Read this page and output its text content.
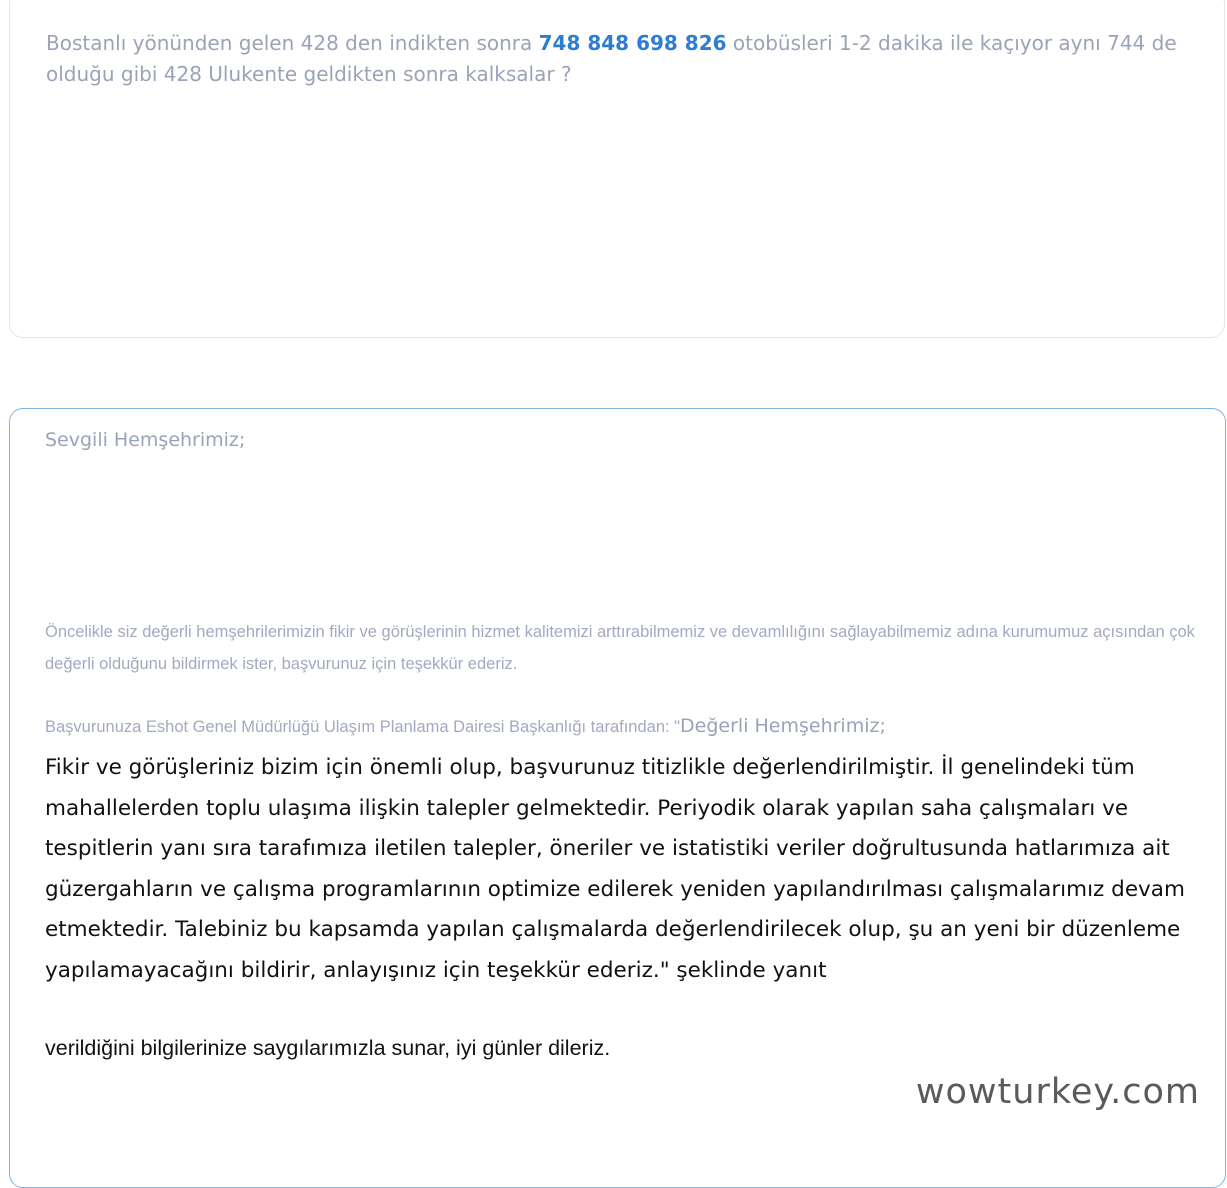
Bostanlı yönünden gelen 428 den indikten sonra 748 848 698 826 otobüsleri 1-2 dakika ile kaçıyor aynı 744 de olduğu gibi 428 Ulukente geldikten sonra kalksalar ?

Sevgili Hemşehrimiz;

Öncelikle siz değerli hemşehrilerimizin fikir ve görüşlerinin hizmet kalitemizi arttırabilmemiz ve devamlılığını sağlayabilmemiz adına kurumumuz açısından çok değerli olduğunu bildirmek ister, başvurunuz için teşekkür ederiz.

Başvurunuza Eshot Genel Müdürlüğü Ulaşım Planlama Dairesi Başkanlığı tarafından: "Değerli Hemşehrimiz;

Fikir ve görüşleriniz bizim için önemli olup, başvurunuz titizlikle değerlendirilmiştir. İl genelindeki tüm mahallelerden toplu ulaşıma ilişkin talepler gelmektedir. Periyodik olarak yapılan saha çalışmaları ve tespitlerin yanı sıra tarafımıza iletilen talepler, öneriler ve istatistiki veriler doğrultusunda hatlarımıza ait güzergahların ve çalışma programlarının optimize edilerek yeniden yapılandırılması çalışmalarımız devam etmektedir. Talebiniz bu kapsamda yapılan çalışmalarda değerlendirilecek olup, şu an yeni bir düzenleme yapılamayacağını bildirir, anlayışınız için teşekkür ederiz." şeklinde yanıt

verildiğini bilgilerinize saygılarımızla sunar, iyi günler dileriz.

wowturkey.com
